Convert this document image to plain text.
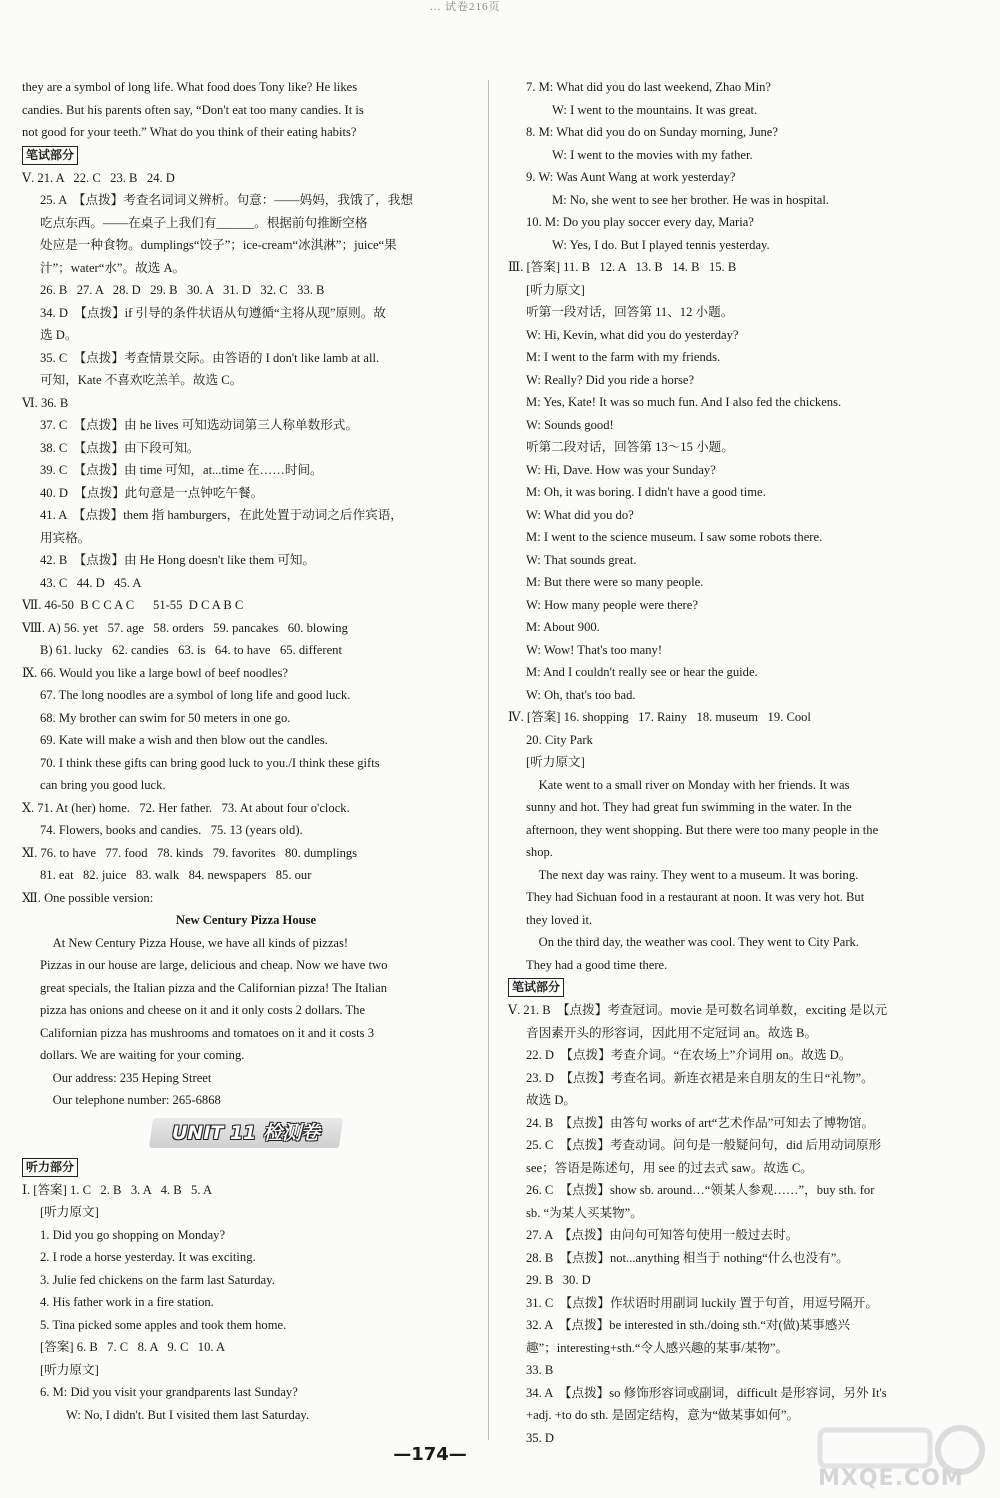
... 试卷216页
they are a symbol of long life. What food does Tony like? He likes
candies. But his parents often say, “Don't eat too many candies. It is
not good for your teeth.” What do you think of their eating habits?
笔试部分
Ⅴ. 21. A   22. C   23. B   24. D
25. A  【点拨】考查名词词义辨析。句意：——妈妈，我饿了，我想
吃点东西。——在桌子上我们有______。根据前句推断空格
处应是一种食物。dumplings“饺子”；ice-cream“冰淇淋”；juice“果
汁”；water“水”。故选 A。
26. B   27. A   28. D   29. B   30. A   31. D   32. C   33. B
34. D  【点拨】if 引导的条件状语从句遵循“主将从现”原则。故
选 D。
35. C  【点拨】考查情景交际。由答语的 I don't like lamb at all.
可知，Kate 不喜欢吃羔羊。故选 C。
Ⅵ. 36. B
37. C  【点拨】由 he lives 可知选动词第三人称单数形式。
38. C  【点拨】由下段可知。
39. C  【点拨】由 time 可知，at...time 在……时间。
40. D  【点拨】此句意是一点钟吃午餐。
41. A  【点拨】them 指 hamburgers，在此处置于动词之后作宾语，
用宾格。
42. B  【点拨】由 He Hong doesn't like them 可知。
43. C   44. D   45. A
Ⅶ. 46-50  B C C A C      51-55  D C A B C
Ⅷ. A) 56. yet   57. age   58. orders   59. pancakes   60. blowing
B) 61. lucky   62. candies   63. is   64. to have   65. different
Ⅸ. 66. Would you like a large bowl of beef noodles?
67. The long noodles are a symbol of long life and good luck.
68. My brother can swim for 50 meters in one go.
69. Kate will make a wish and then blow out the candles.
70. I think these gifts can bring good luck to you./I think these gifts
can bring you good luck.
Ⅹ. 71. At (her) home.   72. Her father.   73. At about four o'clock.
74. Flowers, books and candies.   75. 13 (years old).
Ⅺ. 76. to have   77. food   78. kinds   79. favorites   80. dumplings
81. eat   82. juice   83. walk   84. newspapers   85. our
Ⅻ. One possible version:
New Century Pizza House
At New Century Pizza House, we have all kinds of pizzas!
Pizzas in our house are large, delicious and cheap. Now we have two
great specials, the Italian pizza and the Californian pizza! The Italian
pizza has onions and cheese on it and it only costs 2 dollars. The
Californian pizza has mushrooms and tomatoes on it and it costs 3
dollars. We are waiting for your coming.
Our address: 235 Heping Street
Our telephone number: 265-6868
UNIT 11 检测卷
听力部分
Ⅰ. [答案] 1. C   2. B   3. A   4. B   5. A
[听力原文]
1. Did you go shopping on Monday?
2. I rode a horse yesterday. It was exciting.
3. Julie fed chickens on the farm last Saturday.
4. His father work in a fire station.
5. Tina picked some apples and took them home.
[答案] 6. B   7. C   8. A   9. C   10. A
[听力原文]
6. M: Did you visit your grandparents last Sunday?
W: No, I didn't. But I visited them last Saturday.
7. M: What did you do last weekend, Zhao Min?
W: I went to the mountains. It was great.
8. M: What did you do on Sunday morning, June?
W: I went to the movies with my father.
9. W: Was Aunt Wang at work yesterday?
M: No, she went to see her brother. He was in hospital.
10. M: Do you play soccer every day, Maria?
W: Yes, I do. But I played tennis yesterday.
Ⅲ. [答案] 11. B   12. A   13. B   14. B   15. B
[听力原文]
听第一段对话，回答第 11、12 小题。
W: Hi, Kevin, what did you do yesterday?
M: I went to the farm with my friends.
W: Really? Did you ride a horse?
M: Yes, Kate! It was so much fun. And I also fed the chickens.
W: Sounds good!
听第二段对话，回答第 13～15 小题。
W: Hi, Dave. How was your Sunday?
M: Oh, it was boring. I didn't have a good time.
W: What did you do?
M: I went to the science museum. I saw some robots there.
W: That sounds great.
M: But there were so many people.
W: How many people were there?
M: About 900.
W: Wow! That's too many!
M: And I couldn't really see or hear the guide.
W: Oh, that's too bad.
Ⅳ. [答案] 16. shopping   17. Rainy   18. museum   19. Cool
20. City Park
[听力原文]
Kate went to a small river on Monday with her friends. It was
sunny and hot. They had great fun swimming in the water. In the
afternoon, they went shopping. But there were too many people in the
shop.
The next day was rainy. They went to a museum. It was boring.
They had Sichuan food in a restaurant at noon. It was very hot. But
they loved it.
On the third day, the weather was cool. They went to City Park.
They had a good time there.
笔试部分
Ⅴ. 21. B  【点拨】考查冠词。movie 是可数名词单数，exciting 是以元
音因素开头的形容词，因此用不定冠词 an。故选 B。
22. D  【点拨】考查介词。“在农场上”介词用 on。故选 D。
23. D  【点拨】考查名词。新连衣裙是来自朋友的生日“礼物”。
故选 D。
24. B  【点拨】由答句 works of art“艺术作品”可知去了博物馆。
25. C  【点拨】考查动词。问句是一般疑问句，did 后用动词原形
see；答语是陈述句，用 see 的过去式 saw。故选 C。
26. C  【点拨】show sb. around…“领某人参观……”，buy sth. for
sb. “为某人买某物”。
27. A  【点拨】由问句可知答句使用一般过去时。
28. B  【点拨】not...anything 相当于 nothing“什么也没有”。
29. B   30. D
31. C  【点拨】作状语时用副词 luckily 置于句首，用逗号隔开。
32. A  【点拨】be interested in sth./doing sth.“对(做)某事感兴
趣”；interesting+sth.“令人感兴趣的某事/某物”。
33. B
34. A  【点拨】so 修饰形容词或副词，difficult 是形容词，另外 It's
+adj. +to do sth. 是固定结构，意为“做某事如何”。
35. D
—174—
MXQE.COM
